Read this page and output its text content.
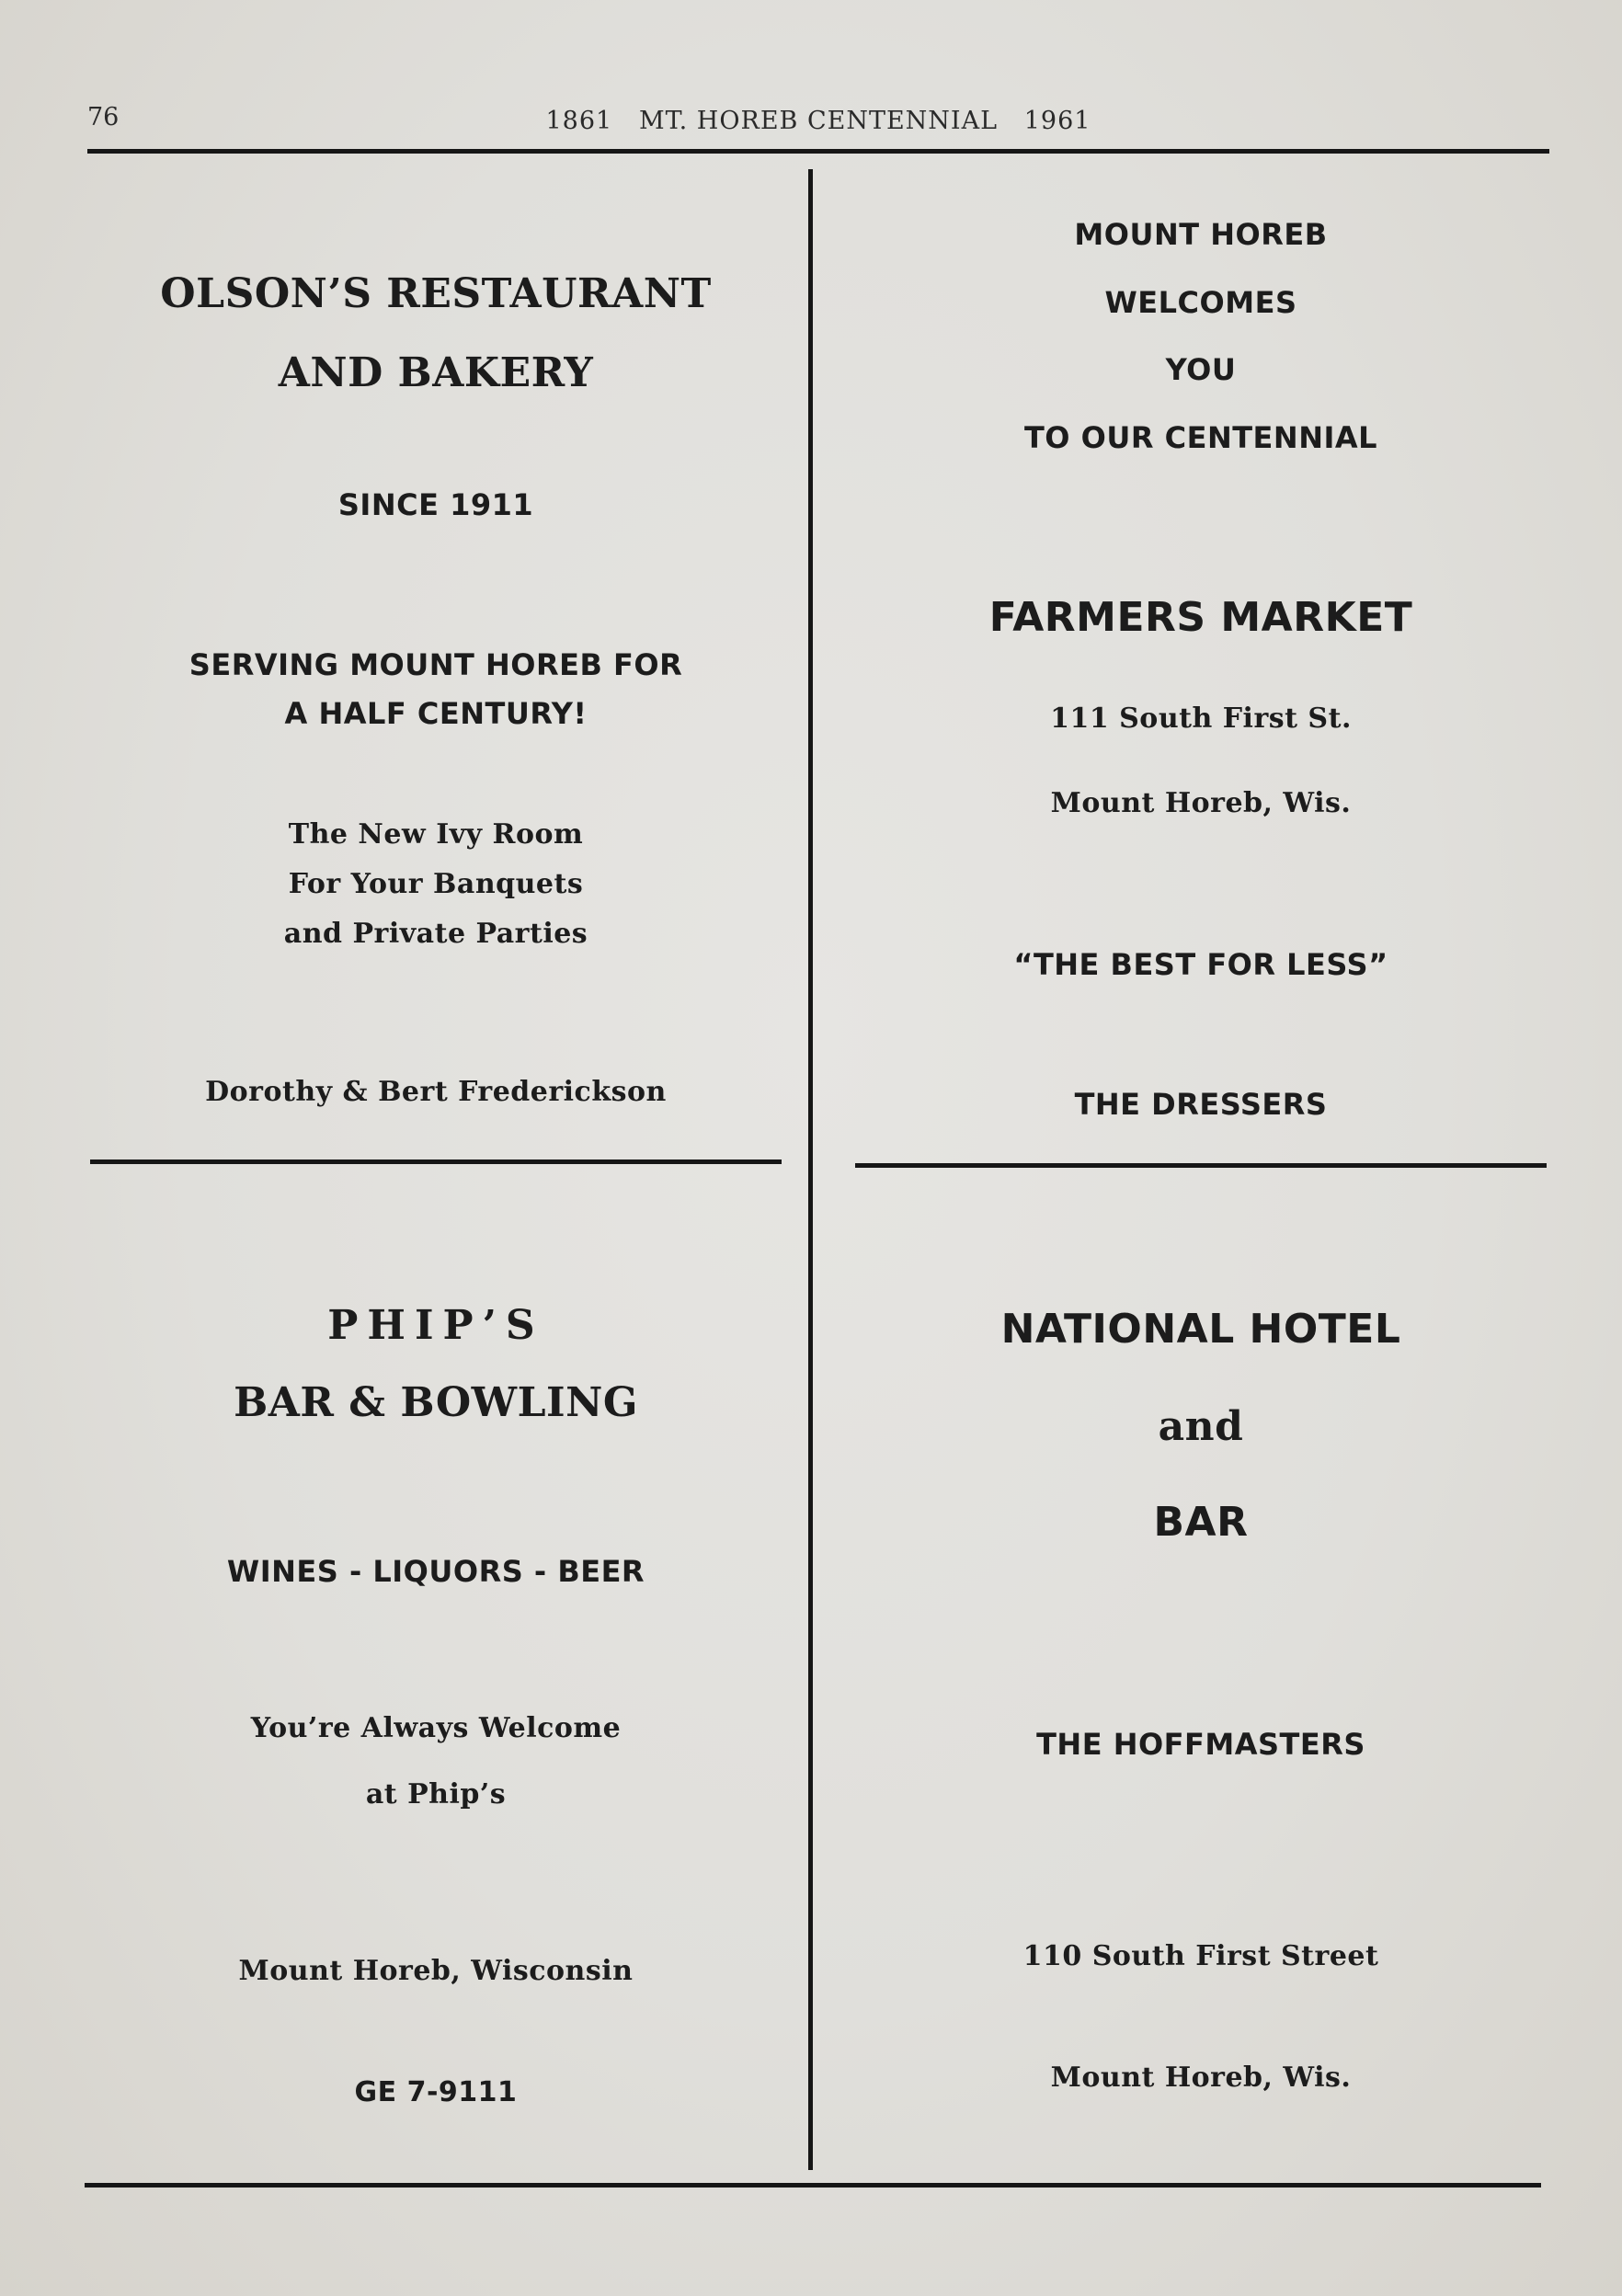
76	1861   MT. HOREB CENTENNIAL   1961
OLSON’S RESTAURANT
AND BAKERY
SINCE 1911
SERVING MOUNT HOREB FOR
A HALF CENTURY!
The New Ivy Room
For Your Banquets
and Private Parties
Dorothy & Bert Frederickson
MOUNT HOREB
WELCOMES
YOU
TO OUR CENTENNIAL
FARMERS MARKET
111 South First St.
Mount Horeb, Wis.
“THE BEST FOR LESS”
THE DRESSERS
PHIP’S
BAR & BOWLING
WINES - LIQUORS - BEER
You’re Always Welcome
at Phip’s
Mount Horeb, Wisconsin
GE 7-9111
NATIONAL HOTEL
and
BAR
THE HOFFMASTERS
110 South First Street
Mount Horeb, Wis.
